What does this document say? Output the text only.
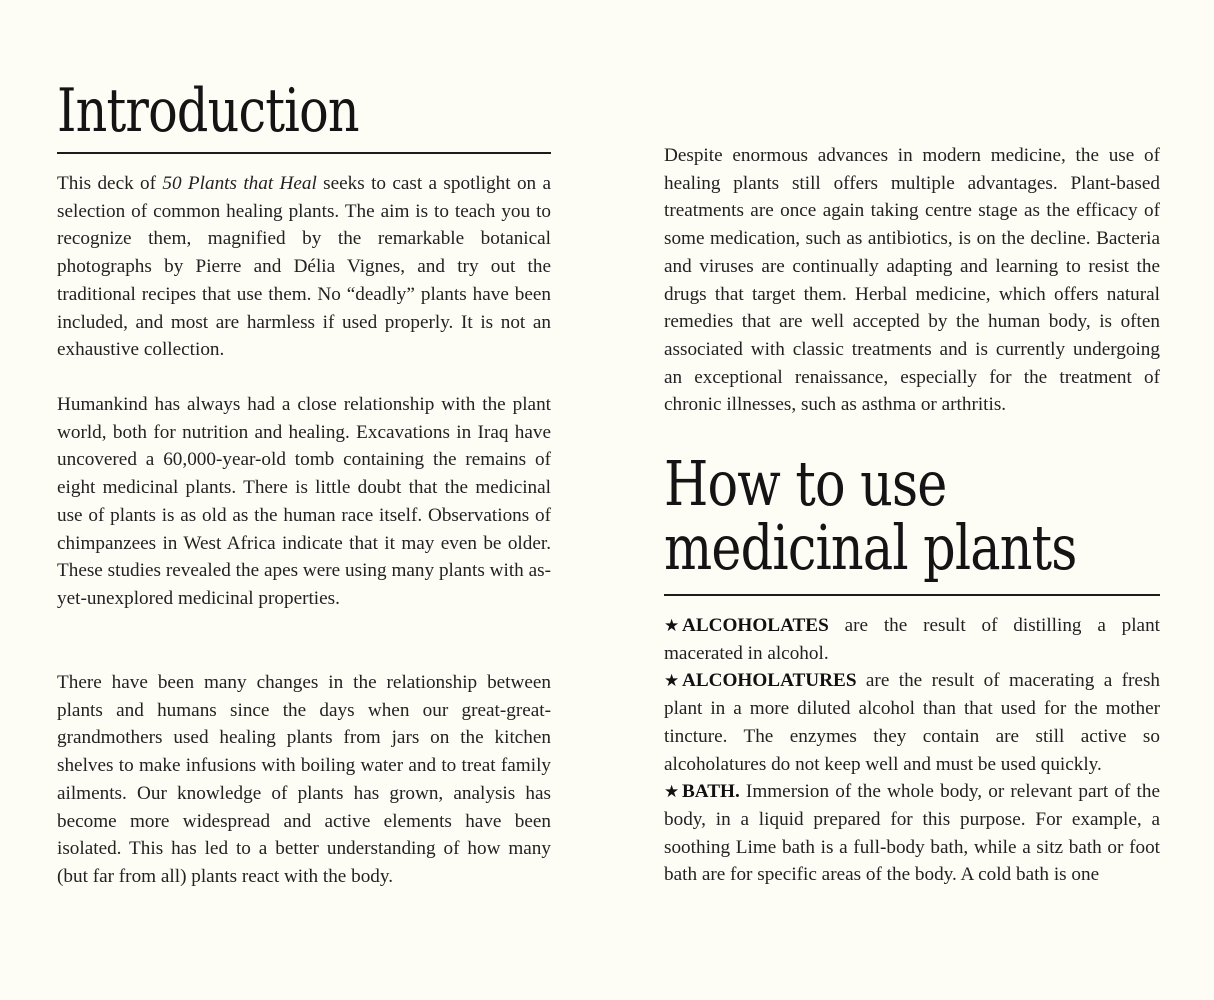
Introduction

This deck of 50 Plants that Heal seeks to cast a spotlight on a selection of common healing plants. The aim is to teach you to recognize them, magnified by the remarkable botanical photographs by Pierre and Délia Vignes, and try out the traditional recipes that use them. No “deadly” plants have been included, and most are harmless if used properly. It is not an exhaustive collection.

Humankind has always had a close relationship with the plant world, both for nutrition and healing. Excavations in Iraq have uncovered a 60,000-year-old tomb containing the remains of eight medicinal plants. There is little doubt that the medicinal use of plants is as old as the human race itself. Observations of chimpanzees in West Africa indicate that it may even be older. These studies revealed the apes were using many plants with as-yet-unexplored medicinal properties.

There have been many changes in the relationship between plants and humans since the days when our great-great-grandmothers used healing plants from jars on the kitchen shelves to make infusions with boiling water and to treat family ailments. Our knowledge of plants has grown, analysis has become more widespread and active elements have been isolated. This has led to a better understanding of how many (but far from all) plants react with the body.

Despite enormous advances in modern medicine, the use of healing plants still offers multiple advantages. Plant-based treatments are once again taking centre stage as the efficacy of some medication, such as antibiotics, is on the decline. Bacteria and viruses are continually adapting and learning to resist the drugs that target them. Herbal medicine, which offers natural remedies that are well accepted by the human body, is often associated with classic treatments and is currently undergoing an exceptional renaissance, especially for the treatment of chronic illnesses, such as asthma or arthritis.

How to use
medicinal plants

★ ALCOHOLATES are the result of distilling a plant macerated in alcohol.

★ ALCOHOLATURES are the result of macerating a fresh plant in a more diluted alcohol than that used for the mother tincture. The enzymes they contain are still active so alcoholatures do not keep well and must be used quickly.

★ BATH. Immersion of the whole body, or relevant part of the body, in a liquid prepared for this purpose. For example, a soothing Lime bath is a full-body bath, while a sitz bath or foot bath are for specific areas of the body. A cold bath is one
